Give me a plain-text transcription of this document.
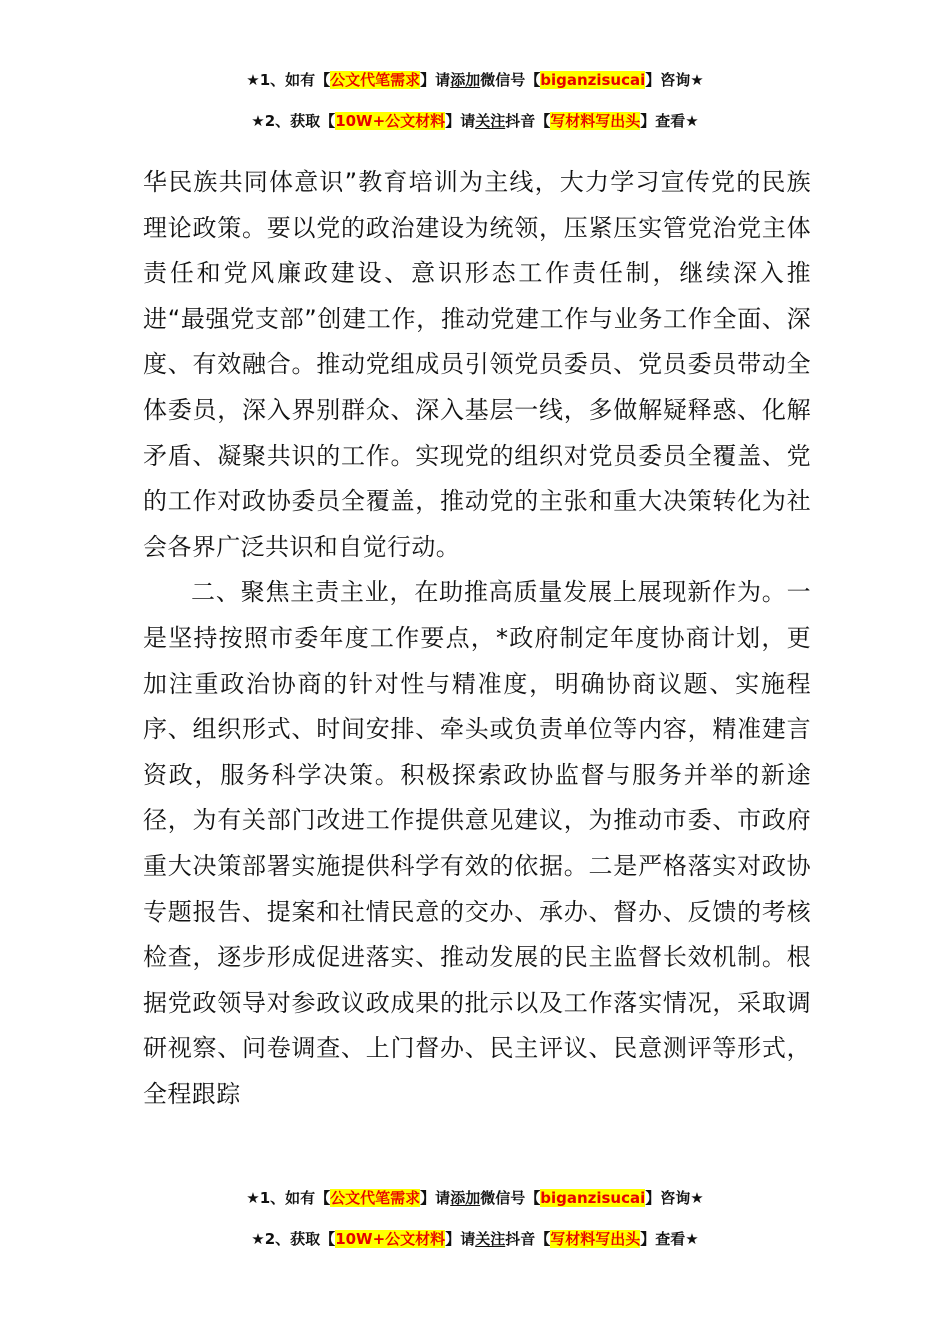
★1、如有【公文代笔需求】请添加微信号【biganzisucai】咨询★
★2、获取【10W+公文材料】请关注抖音【写材料写出头】查看★

华民族共同体意识”教育培训为主线，大力学习宣传党的民族理论政策。要以党的政治建设为统领，压紧压实管党治党主体责任和党风廉政建设、意识形态工作责任制，继续深入推进“最强党支部”创建工作，推动党建工作与业务工作全面、深度、有效融合。推动党组成员引领党员委员、党员委员带动全体委员，深入界别群众、深入基层一线，多做解疑释惑、化解矛盾、凝聚共识的工作。实现党的组织对党员委员全覆盖、党的工作对政协委员全覆盖，推动党的主张和重大决策转化为社会各界广泛共识和自觉行动。

二、聚焦主责主业，在助推高质量发展上展现新作为。一是坚持按照市委年度工作要点，*政府制定年度协商计划，更加注重政治协商的针对性与精准度，明确协商议题、实施程序、组织形式、时间安排、牵头或负责单位等内容，精准建言资政，服务科学决策。积极探索政协监督与服务并举的新途径，为有关部门改进工作提供意见建议，为推动市委、市政府重大决策部署实施提供科学有效的依据。二是严格落实对政协专题报告、提案和社情民意的交办、承办、督办、反馈的考核检查，逐步形成促进落实、推动发展的民主监督长效机制。根据党政领导对参政议政成果的批示以及工作落实情况，采取调研视察、问卷调查、上门督办、民主评议、民意测评等形式，全程跟踪

★1、如有【公文代笔需求】请添加微信号【biganzisucai】咨询★
★2、获取【10W+公文材料】请关注抖音【写材料写出头】查看★
